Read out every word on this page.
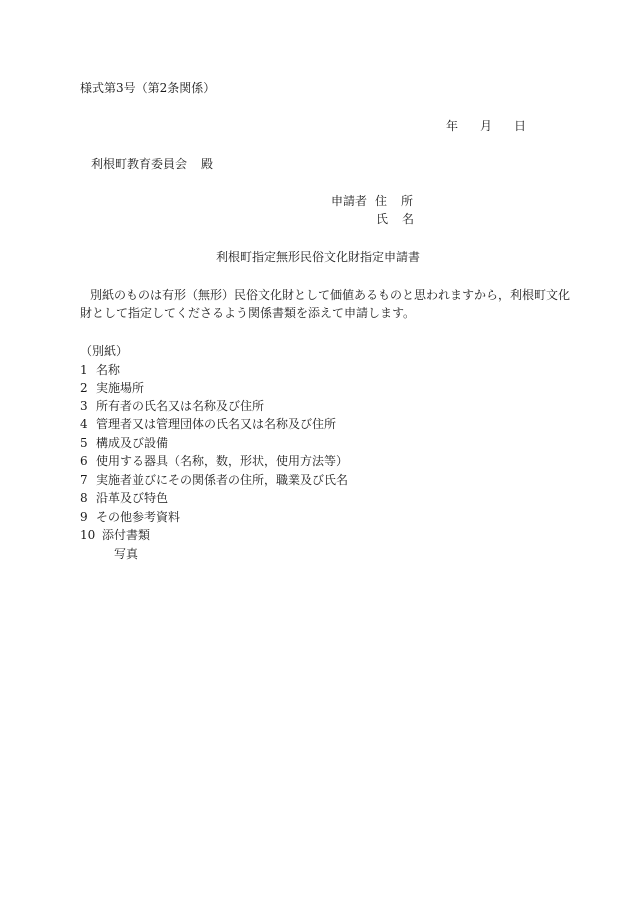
様式第3号（第2条関係）
年 月 日
利根町教育委員会 殿
申請者 住 所
氏 名
利根町指定無形民俗文化財指定申請書
別紙のものは有形（無形）民俗文化財として価値あるものと思われますから，利根町文化
財として指定してくださるよう関係書類を添えて申請します。
（別紙）
1 名称
2 実施場所
3 所有者の氏名又は名称及び住所
4 管理者又は管理団体の氏名又は名称及び住所
5 構成及び設備
6 使用する器具（名称，数，形状，使用方法等）
7 実施者並びにその関係者の住所，職業及び氏名
8 沿革及び特色
9 その他参考資料
10 添付書類
写真
